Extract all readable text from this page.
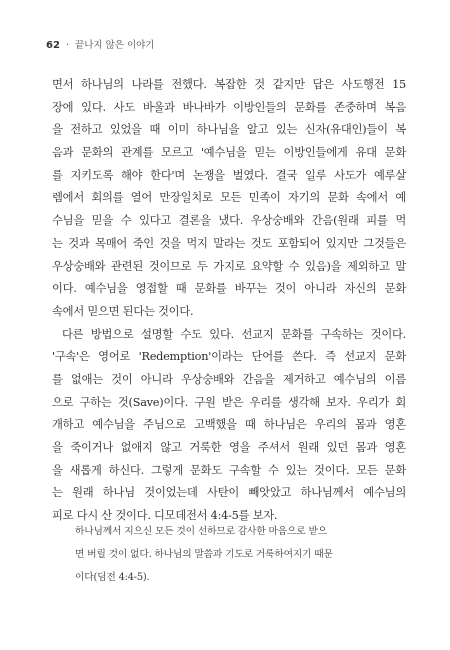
62 · 끝나지 않은 이야기
면서 하나님의 나라를 전했다. 복잡한 것 같지만 답은 사도행전 15
장에 있다. 사도 바울과 바나바가 이방인들의 문화를 존중하며 복음
을 전하고 있었을 때 이미 하나님을 알고 있는 신자(유대인)들이 복
음과 문화의 관계를 모르고 '예수님을 믿는 이방인들에게 유대 문화
를 지키도록 해야 한다'며 논쟁을 벌였다. 결국 일루 사도가 예루살
렘에서 회의를 열어 만장일치로 모든 민족이 자기의 문화 속에서 예
수님을 믿을 수 있다고 결론을 냈다. 우상숭배와 간음(원래 피를 먹
는 것과 목매어 죽인 것을 먹지 말라는 것도 포함되어 있지만 그것들은
우상숭배와 관련된 것이므로 두 가지로 요약할 수 있음)을 제외하고 말
이다. 예수님을 영접할 때 문화를 바꾸는 것이 아니라 자신의 문화
속에서 믿으면 된다는 것이다.
다른 방법으로 설명할 수도 있다. 선교지 문화를 구속하는 것이다.
'구속'은 영어로 'Redemption'이라는 단어를 쓴다. 즉 선교지 문화
를 없애는 것이 아니라 우상숭배와 간음을 제거하고 예수님의 이름
으로 구하는 것(Save)이다. 구원 받은 우리를 생각해 보자. 우리가 회
개하고 예수님을 주님으로 고백했을 때 하나님은 우리의 몸과 영혼
을 죽이거나 없애지 않고 거룩한 영을 주셔서 원래 있던 몸과 영혼
을 새롭게 하신다. 그렇게 문화도 구속할 수 있는 것이다. 모든 문화
는 원래 하나님 것이었는데 사탄이 빼앗았고 하나님께서 예수님의
피로 다시 산 것이다. 디모데전서 4:4-5를 보자.
하나님께서 지으신 모든 것이 선하므로 감사한 마음으로 받으
면 버릴 것이 없다. 하나님의 말씀과 기도로 거룩하여지기 때문
이다(딤전 4:4-5).
